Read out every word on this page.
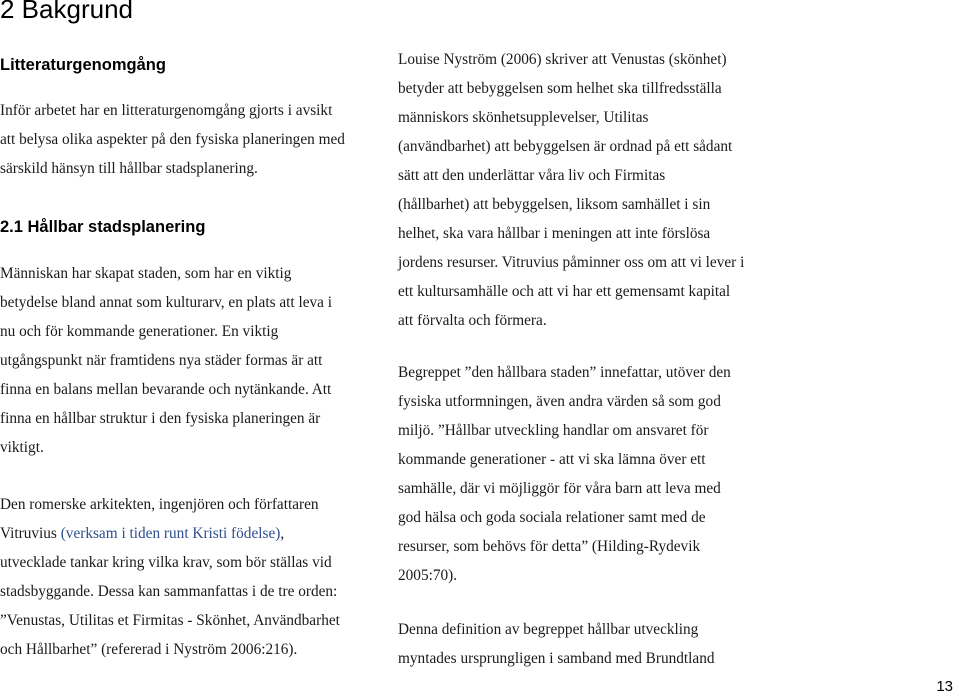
2 Bakgrund
Litteraturgenomgång
Inför arbetet har en litteraturgenomgång gjorts i avsikt
att belysa olika aspekter på den fysiska planeringen med
särskild hänsyn till hållbar stadsplanering.
2.1 Hållbar stadsplanering
Människan har skapat staden, som har en viktig
betydelse bland annat som kulturarv, en plats att leva i
nu och för kommande generationer. En viktig
utgångspunkt när framtidens nya städer formas är att
finna en balans mellan bevarande och nytänkande. Att
finna en hållbar struktur i den fysiska planeringen är
viktigt.
Den romerske arkitekten, ingenjören och författaren
Vitruvius (verksam i tiden runt Kristi födelse),
utvecklade tankar kring vilka krav, som bör ställas vid
stadsbyggande. Dessa kan sammanfattas i de tre orden:
”Venustas, Utilitas et Firmitas - Skönhet, Användbarhet
och Hållbarhet” (refererad i Nyström 2006:216).
Louise Nyström (2006) skriver att Venustas (skönhet)
betyder att bebyggelsen som helhet ska tillfredsställa
människors skönhetsupplevelser, Utilitas
(användbarhet) att bebyggelsen är ordnad på ett sådant
sätt att den underlättar våra liv och Firmitas
(hållbarhet) att bebyggelsen, liksom samhället i sin
helhet, ska vara hållbar i meningen att inte förslösa
jordens resurser. Vitruvius påminner oss om att vi lever i
ett kultursamhälle och att vi har ett gemensamt kapital
att förvalta och förmera.
Begreppet ”den hållbara staden” innefattar, utöver den
fysiska utformningen, även andra värden så som god
miljö. ”Hållbar utveckling handlar om ansvaret för
kommande generationer - att vi ska lämna över ett
samhälle, där vi möjliggör för våra barn att leva med
god hälsa och goda sociala relationer samt med de
resurser, som behövs för detta” (Hilding-Rydevik
2005:70).
Denna definition av begreppet hållbar utveckling
myntades ursprungligen i samband med Brundtland
13
